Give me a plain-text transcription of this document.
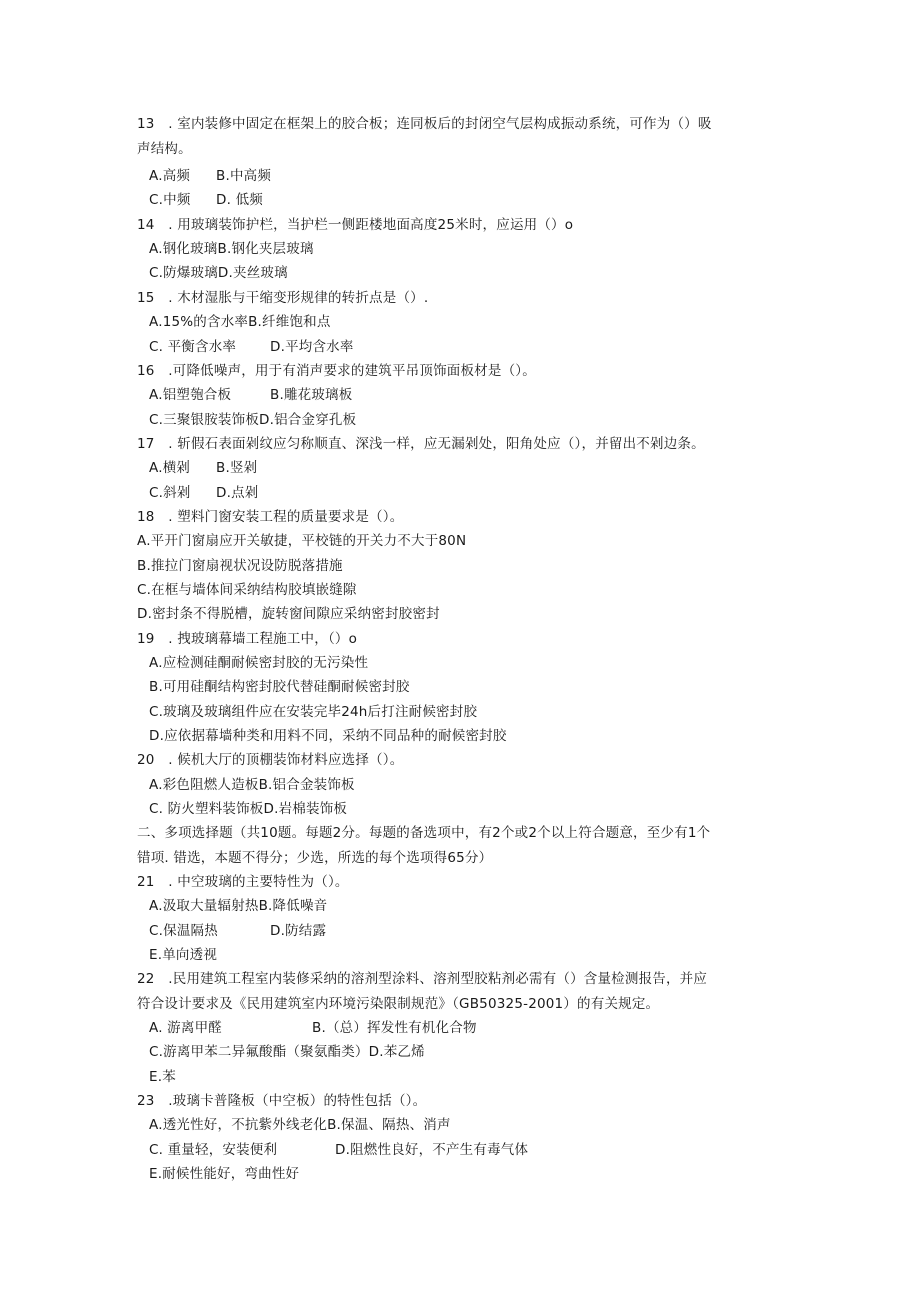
13　. 室内装修中固定在框架上的胶合板；连同板后的封闭空气层构成振动系统，可作为（）吸
声结构。
A.高频 B.中高频
C.中频 D. 低频
14　. 用玻璃装饰护栏，当护栏一侧距楼地面高度25米时，应运用（）o
A.钢化玻璃B.钢化夹层玻璃
C.防爆玻璃D.夹丝玻璃
15　. 木材湿胀与干缩变形规律的转折点是（）.
A.15%的含水率B.纤维饱和点
C. 平衡含水率	D.平均含水率
16　.可降低噪声，用于有消声要求的建筑平吊顶饰面板材是（）。
A.铝塑匏合板	B.雕花玻璃板
C.三聚银胺装饰板D.铝合金穿孔板
17　. 斩假石表面剁纹应匀称顺直、深浅一样，应无漏剁处，阳角处应（），并留出不剁边条。
A.横剁 B.竖剁
C.斜剁 D.点剁
18　. 塑料门窗安装工程的质量要求是（）。
A.平开门窗扇应开关敏捷，平校链的开关力不大于80N
B.推拉门窗扇视状况设防脱落措施
C.在框与墙体间采纳结构胶填嵌缝隙
D.密封条不得脱槽，旋转窗间隙应采纳密封胶密封
19　. 拽玻璃幕墙工程施工中，（）o
A.应检测硅酮耐候密封胶的无污染性
B.可用硅酮结构密封胶代替硅酮耐候密封胶
C.玻璃及玻璃组件应在安装完毕24h后打注耐候密封胶
D.应依据幕墙种类和用料不同，采纳不同品种的耐候密封胶
20　. 候机大厅的顶棚装饰材料应选择（）。
A.彩色阻燃人造板B.铝合金装饰板
C. 防火塑料装饰板D.岩棉装饰板
二、多项选择题（共10题。每题2分。每题的备选项中，有2个或2个以上符合题意，至少有1个
错项. 错选，本题不得分；少选，所选的每个选项得65分）
21　. 中空玻璃的主要特性为（）。
A.汲取大量辐射热B.降低噪音
C.保温隔热	D.防结露
E.单向透视
22　.民用建筑工程室内装修采纳的溶剂型涂料、溶剂型胶粘剂必需有（）含量检测报告，并应
符合设计要求及《民用建筑室内环境污染限制规范》（GB50325-2001）的有关规定。
A. 游离甲醛	B.（总）挥发性有机化合物
C.游离甲苯二异氟酸酯（聚氨酯类）D.苯乙烯
E.苯
23　.玻璃卡普隆板（中空板）的特性包括（）。
A.透光性好，不抗紫外线老化B.保温、隔热、消声
C. 重量轻，安装便利	D.阻燃性良好，不产生有毒气体
E.耐候性能好，弯曲性好
